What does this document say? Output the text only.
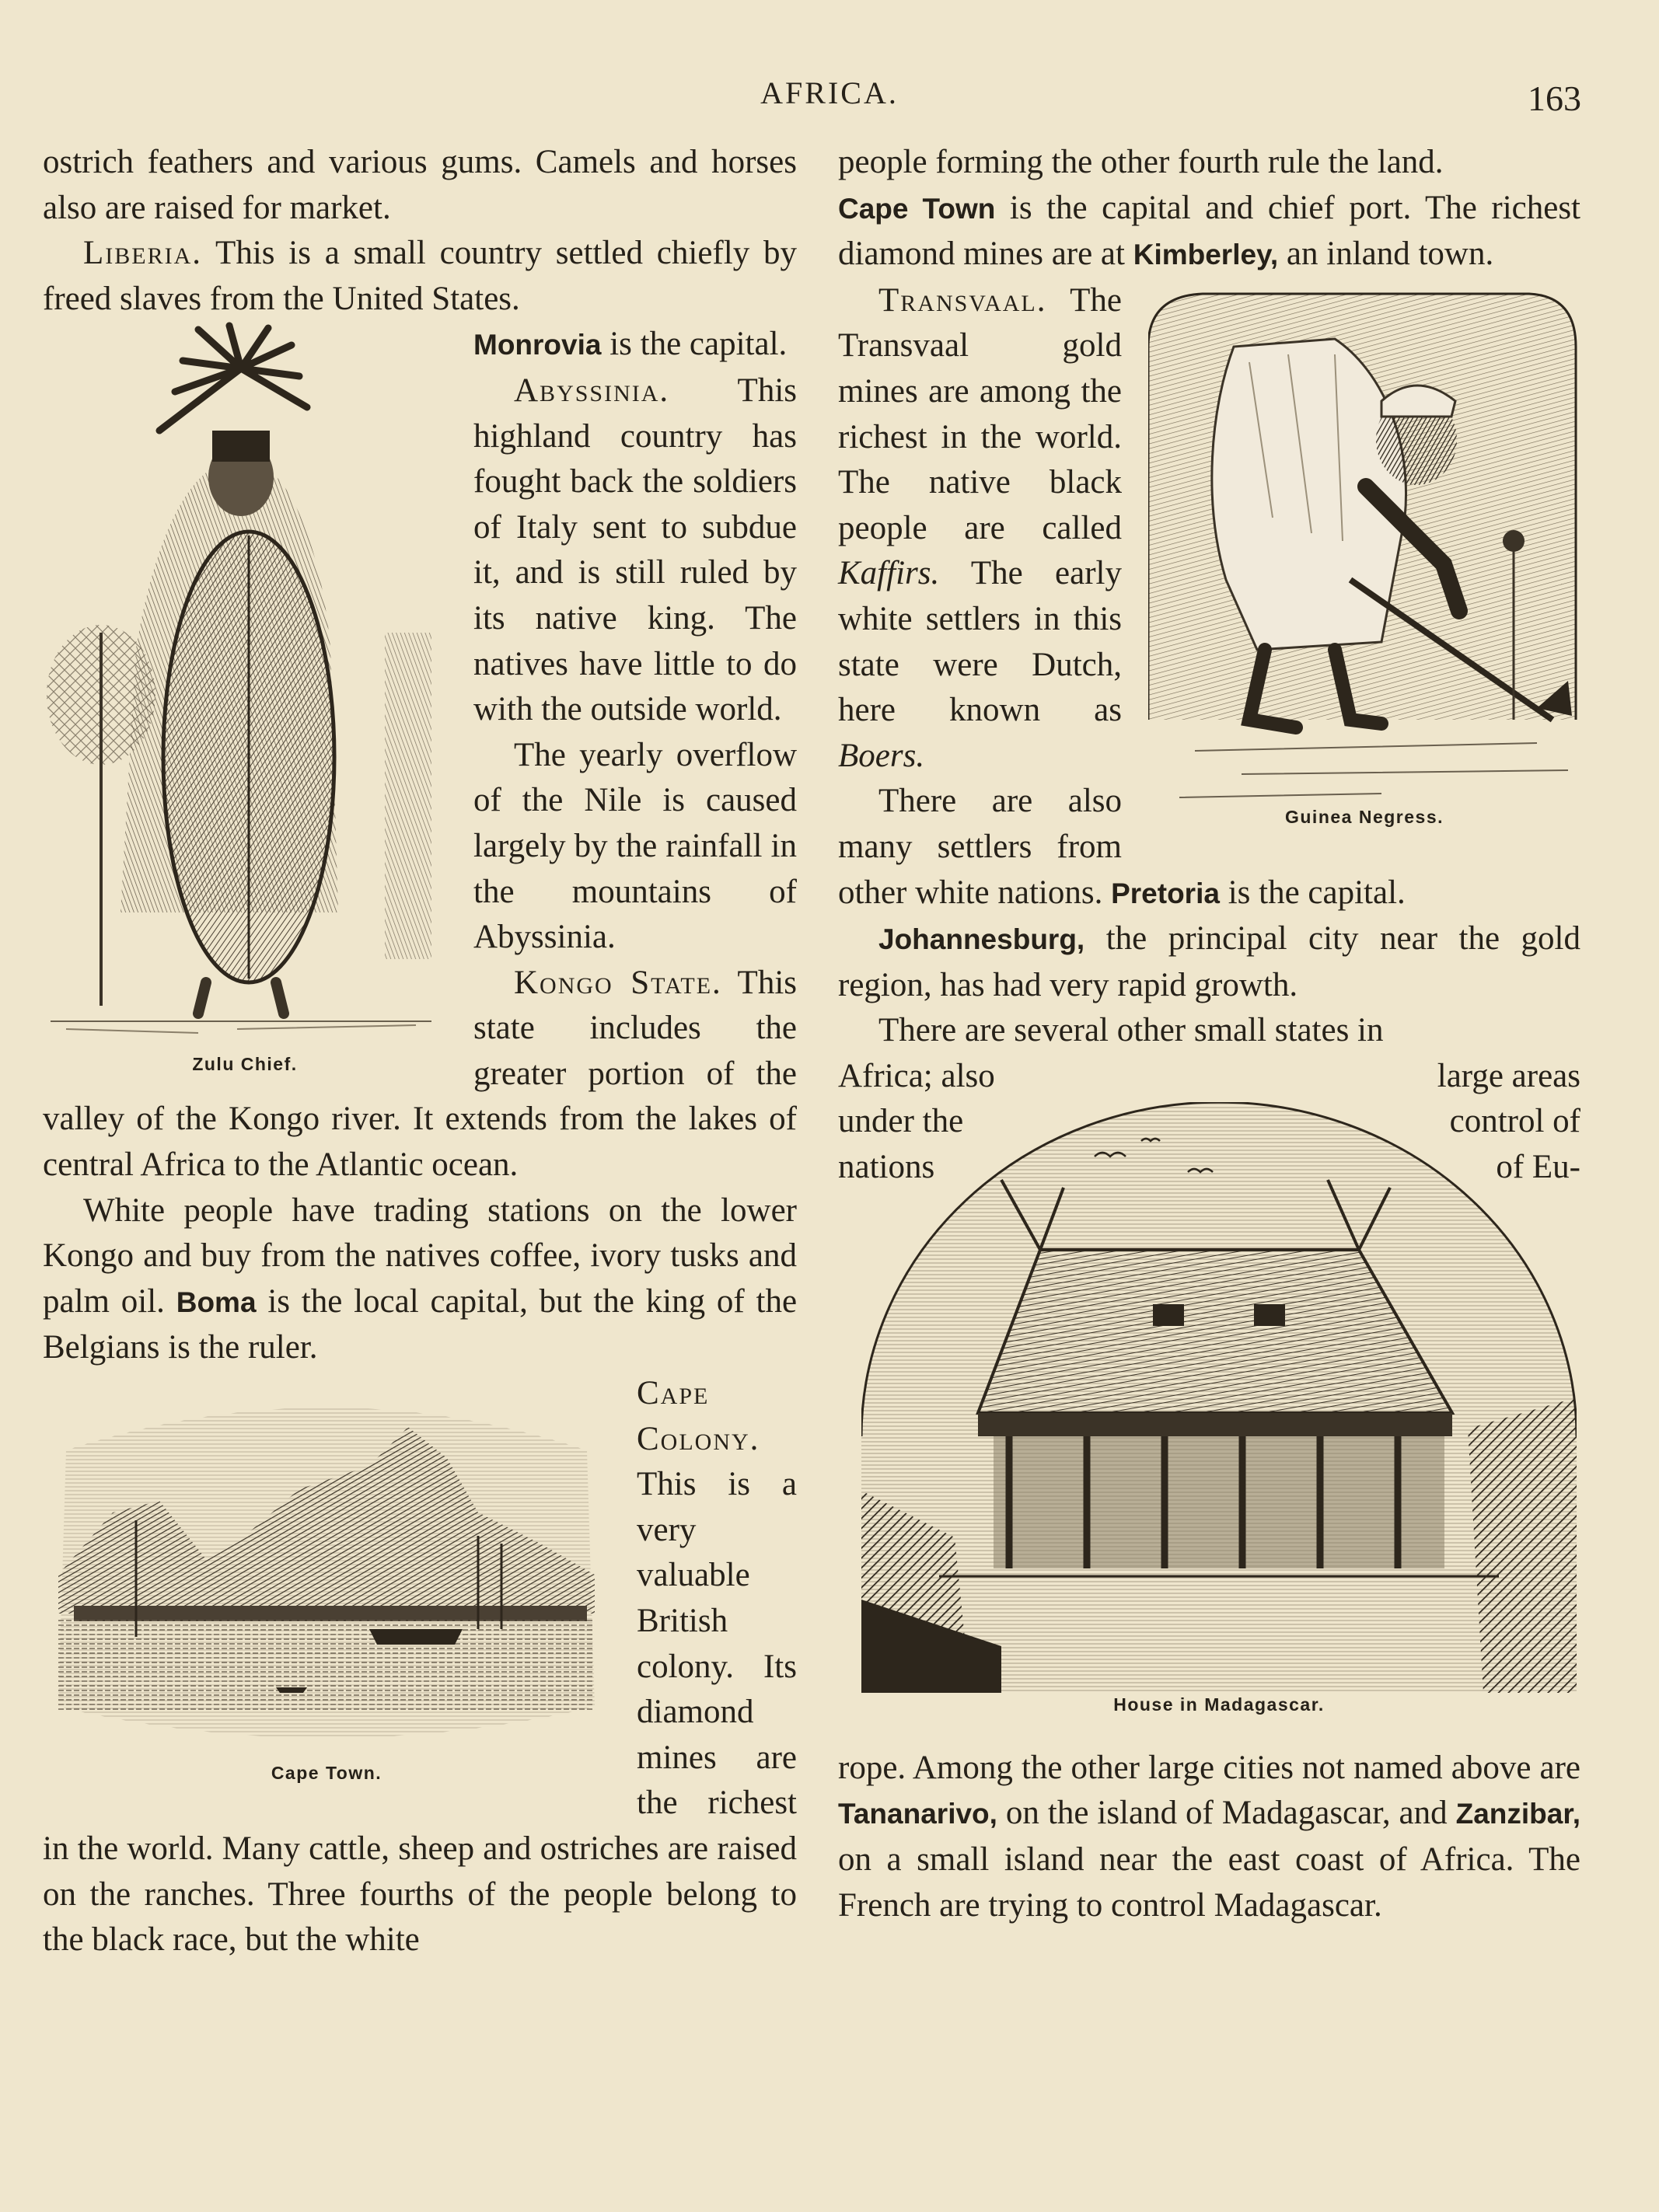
AFRICA.	163

ostrich feathers and various gums. Camels and horses also are raised for market.

Liberia. This is a small country settled chiefly by freed slaves from the United States.

Zulu Chief.

Monrovia is the capital.

Abyssinia. This highland country has fought back the soldiers of Italy sent to subdue it, and is still ruled by its native king. The natives have little to do with the outside world.

The yearly overflow of the Nile is caused largely by the rainfall in the mountains of Abyssinia.

Kongo State. This state includes the greater portion of the valley of the Kongo river. It extends from the lakes of central Africa to the Atlantic ocean.

White people have trading stations on the lower Kongo and buy from the natives coffee, ivory tusks and palm oil. Boma is the local capital, but the king of the Belgians is the ruler.

Cape Town.

Cape Colony. This is a very valuable British colony. Its diamond mines are the richest in the world. Many cattle, sheep and ostriches are raised on the ranches. Three fourths of the people belong to the black race, but the white

people forming the other fourth rule the land.

Cape Town is the capital and chief port. The richest diamond mines are at Kimberley, an inland town.

Guinea Negress.

Transvaal. The Transvaal gold mines are among the richest in the world. The native black people are called Kaffirs. The early white settlers in this state were Dutch, here known as Boers.

There are also many settlers from other white nations. Pretoria is the capital.

Johannesburg, the principal city near the gold region, has had very rapid growth.

There are several other small states in

Africa; also	large areas
under the	control of
nations	of Eu-
House in Madagascar.

rope. Among the other large cities not named above are Tananarivo, on the island of Madagascar, and Zanzibar, on a small island near the east coast of Africa. The French are trying to control Madagascar.
